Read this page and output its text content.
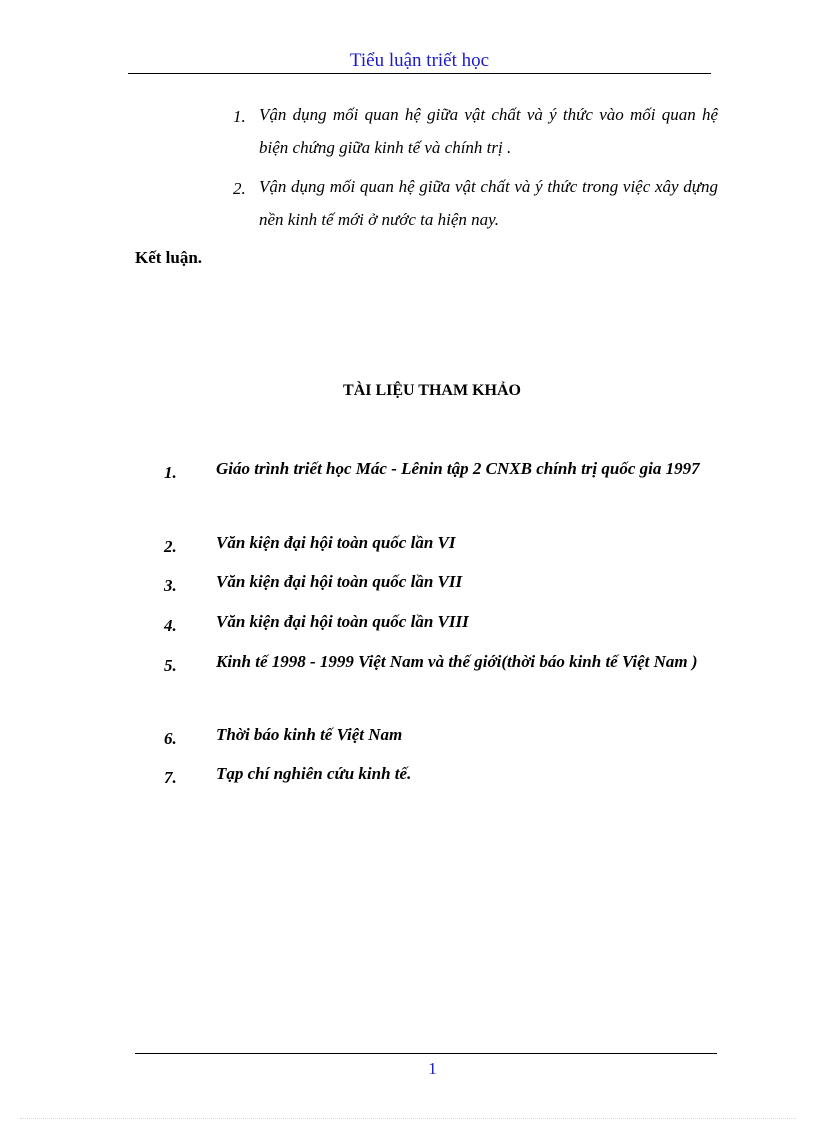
Tiểu luận triết học
1. Vận dụng mối quan hệ giữa vật chất và ý thức vào mối quan hệ biện chứng giữa kinh tế và chính trị .
2. Vận dụng mối quan hệ giữa vật chất và ý thức trong việc xây dựng nền kinh tế mới ở nước ta hiện nay.
Kết luận.
TÀI LIỆU THAM KHẢO
1.	Giáo trình triết học Mác - Lênin tập 2 CNXB chính trị quốc gia 1997
2.	Văn kiện đại hội toàn quốc lần VI
3.	Văn kiện đại hội toàn quốc lần VII
4.	Văn kiện đại hội toàn quốc lần VIII
5.	Kinh tế 1998 - 1999 Việt Nam và thế giới(thời báo kinh tế Việt Nam )
6.	Thời báo kinh tế Việt Nam
7.	Tạp chí nghiên cứu kinh tế.
1
